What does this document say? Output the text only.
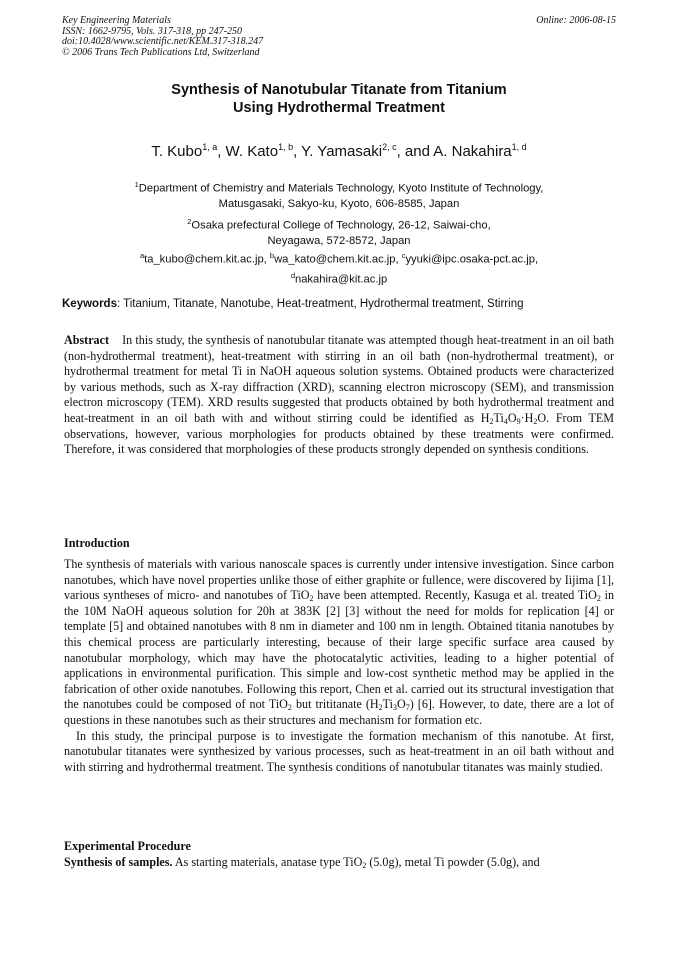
Key Engineering Materials
ISSN: 1662-9795, Vols. 317-318, pp 247-250
doi:10.4028/www.scientific.net/KEM.317-318.247
© 2006 Trans Tech Publications Ltd, Switzerland
Online: 2006-08-15
Synthesis of Nanotubular Titanate from Titanium
Using Hydrothermal Treatment
T. Kubo$^{1, a}$, W. Kato$^{1, b}$, Y. Yamasaki$^{2, c}$, and A. Nakahira$^{1, d}$
$^1$Department of Chemistry and Materials Technology, Kyoto Institute of Technology,
Matusgasaki, Sakyo-ku, Kyoto, 606-8585, Japan
$^2$Osaka prefectural College of Technology, 26-12, Saiwai-cho,
Neyagawa, 572-8572, Japan
$^a$ta_kubo@chem.kit.ac.jp, $^b$wa_kato@chem.kit.ac.jp, $^c$yyuki@ipc.osaka-pct.ac.jp,
$^d$nakahira@kit.ac.jp
Keywords: Titanium, Titanate, Nanotube, Heat-treatment, Hydrothermal treatment, Stirring
Abstract In this study, the synthesis of nanotubular titanate was attempted though heat-treatment in an oil bath (non-hydrothermal treatment), heat-treatment with stirring in an oil bath (non-hydrothermal treatment), or hydrothermal treatment for metal Ti in NaOH aqueous solution systems. Obtained products were characterized by various methods, such as X-ray diffraction (XRD), scanning electron microscopy (SEM), and transmission electron microscopy (TEM). XRD results suggested that products obtained by both hydrothermal treatment and heat-treatment in an oil bath with and without stirring could be identified as $H_2Ti_4O_9\cdot H_2O$. From TEM observations, however, various morphologies for products obtained by these treatments were confirmed. Therefore, it was considered that morphologies of these products strongly depended on synthesis conditions.
Introduction

The synthesis of materials with various nanoscale spaces is currently under intensive investigation. Since carbon nanotubes, which have novel properties unlike those of either graphite or fullence, were discovered by Iijima [1], various syntheses of micro- and nanotubes of TiO$_2$ have been attempted. Recently, Kasuga et al. treated TiO$_2$ in the 10M NaOH aqueous solution for 20h at 383K [2] [3] without the need for molds for replication [4] or template [5] and obtained nanotubes with 8 nm in diameter and 100 nm in length. Obtained titania nanotubes by this chemical process are particularly interesting, because of their large specific surface area caused by nanotubular morphology, which may have the photocatalytic activities, leading to a higher potential of applications in environmental purification. This simple and low-cost synthetic method may be applied in the fabrication of other oxide nanotubes. Following this report, Chen et al. carried out its structural investigation that the nanotubes could be composed of not TiO$_2$ but trititanate $(H_2Ti_3O_7)$ [6]. However, to date, there are a lot of questions in these nanotubes such as their structures and mechanism for formation etc.

In this study, the principal purpose is to investigate the formation mechanism of this nanotube. At first, nanotubular titanates were synthesized by various processes, such as heat-treatment in an oil bath without and with stirring and hydrothermal treatment. The synthesis conditions of nanotubular titanates was mainly studied.

Experimental Procedure
Synthesis of samples. As starting materials, anatase type TiO$_2$ (5.0g), metal Ti powder (5.0g), and
